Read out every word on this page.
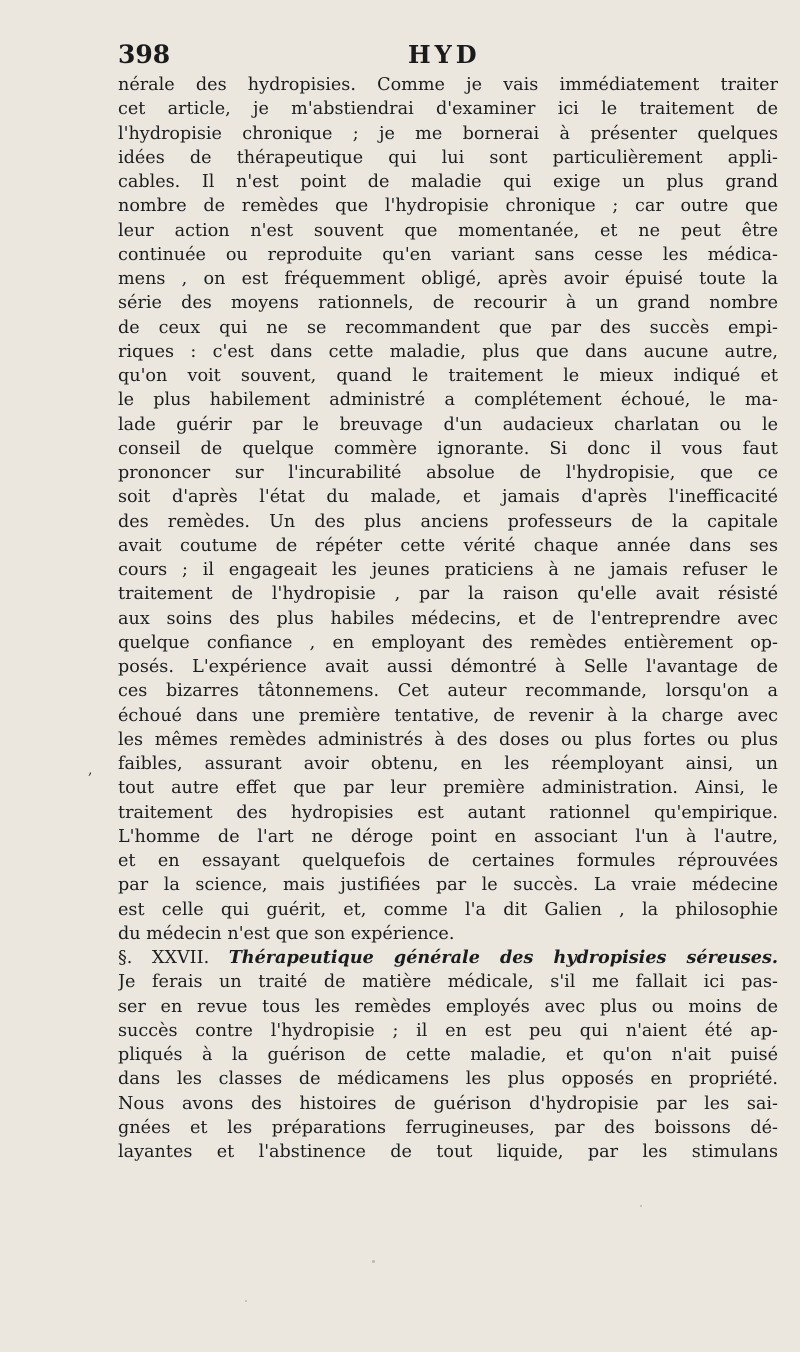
398	HYD
,
nérale des hydropisies. Comme je vais immédiatement traiter
cet article, je m'abstiendrai d'examiner ici le traitement de
l'hydropisie chronique ; je me bornerai à présenter quelques
idées de thérapeutique qui lui sont particulièrement appli-
cables. Il n'est point de maladie qui exige un plus grand
nombre de remèdes que l'hydropisie chronique ; car outre que
leur action n'est souvent que momentanée, et ne peut être
continuée ou reproduite qu'en variant sans cesse les médica-
mens , on est fréquemment obligé, après avoir épuisé toute la
série des moyens rationnels, de recourir à un grand nombre
de ceux qui ne se recommandent que par des succès empi-
riques : c'est dans cette maladie, plus que dans aucune autre,
qu'on voit souvent, quand le traitement le mieux indiqué et
le plus habilement administré a complétement échoué, le ma-
lade guérir par le breuvage d'un audacieux charlatan ou le
conseil de quelque commère ignorante. Si donc il vous faut
prononcer sur l'incurabilité absolue de l'hydropisie, que ce
soit d'après l'état du malade, et jamais d'après l'inefficacité
des remèdes. Un des plus anciens professeurs de la capitale
avait coutume de répéter cette vérité chaque année dans ses
cours ; il engageait les jeunes praticiens à ne jamais refuser le
traitement de l'hydropisie , par la raison qu'elle avait résisté
aux soins des plus habiles médecins, et de l'entreprendre avec
quelque confiance , en employant des remèdes entièrement op-
posés. L'expérience avait aussi démontré à Selle l'avantage de
ces bizarres tâtonnemens. Cet auteur recommande, lorsqu'on a
échoué dans une première tentative, de revenir à la charge avec
les mêmes remèdes administrés à des doses ou plus fortes ou plus
faibles, assurant avoir obtenu, en les réemployant ainsi, un
tout autre effet que par leur première administration. Ainsi, le
traitement des hydropisies est autant rationnel qu'empirique.
L'homme de l'art ne déroge point en associant l'un à l'autre,
et en essayant quelquefois de certaines formules réprouvées
par la science, mais justifiées par le succès. La vraie médecine
est celle qui guérit, et, comme l'a dit Galien , la philosophie
du médecin n'est que son expérience.
§. XXVII. Thérapeutique générale des hydropisies séreuses.
Je ferais un traité de matière médicale, s'il me fallait ici pas-
ser en revue tous les remèdes employés avec plus ou moins de
succès contre l'hydropisie ; il en est peu qui n'aient été ap-
pliqués à la guérison de cette maladie, et qu'on n'ait puisé
dans les classes de médicamens les plus opposés en propriété.
Nous avons des histoires de guérison d'hydropisie par les sai-
gnées et les préparations ferrugineuses, par des boissons dé-
layantes et l'abstinence de tout liquide, par les stimulans
